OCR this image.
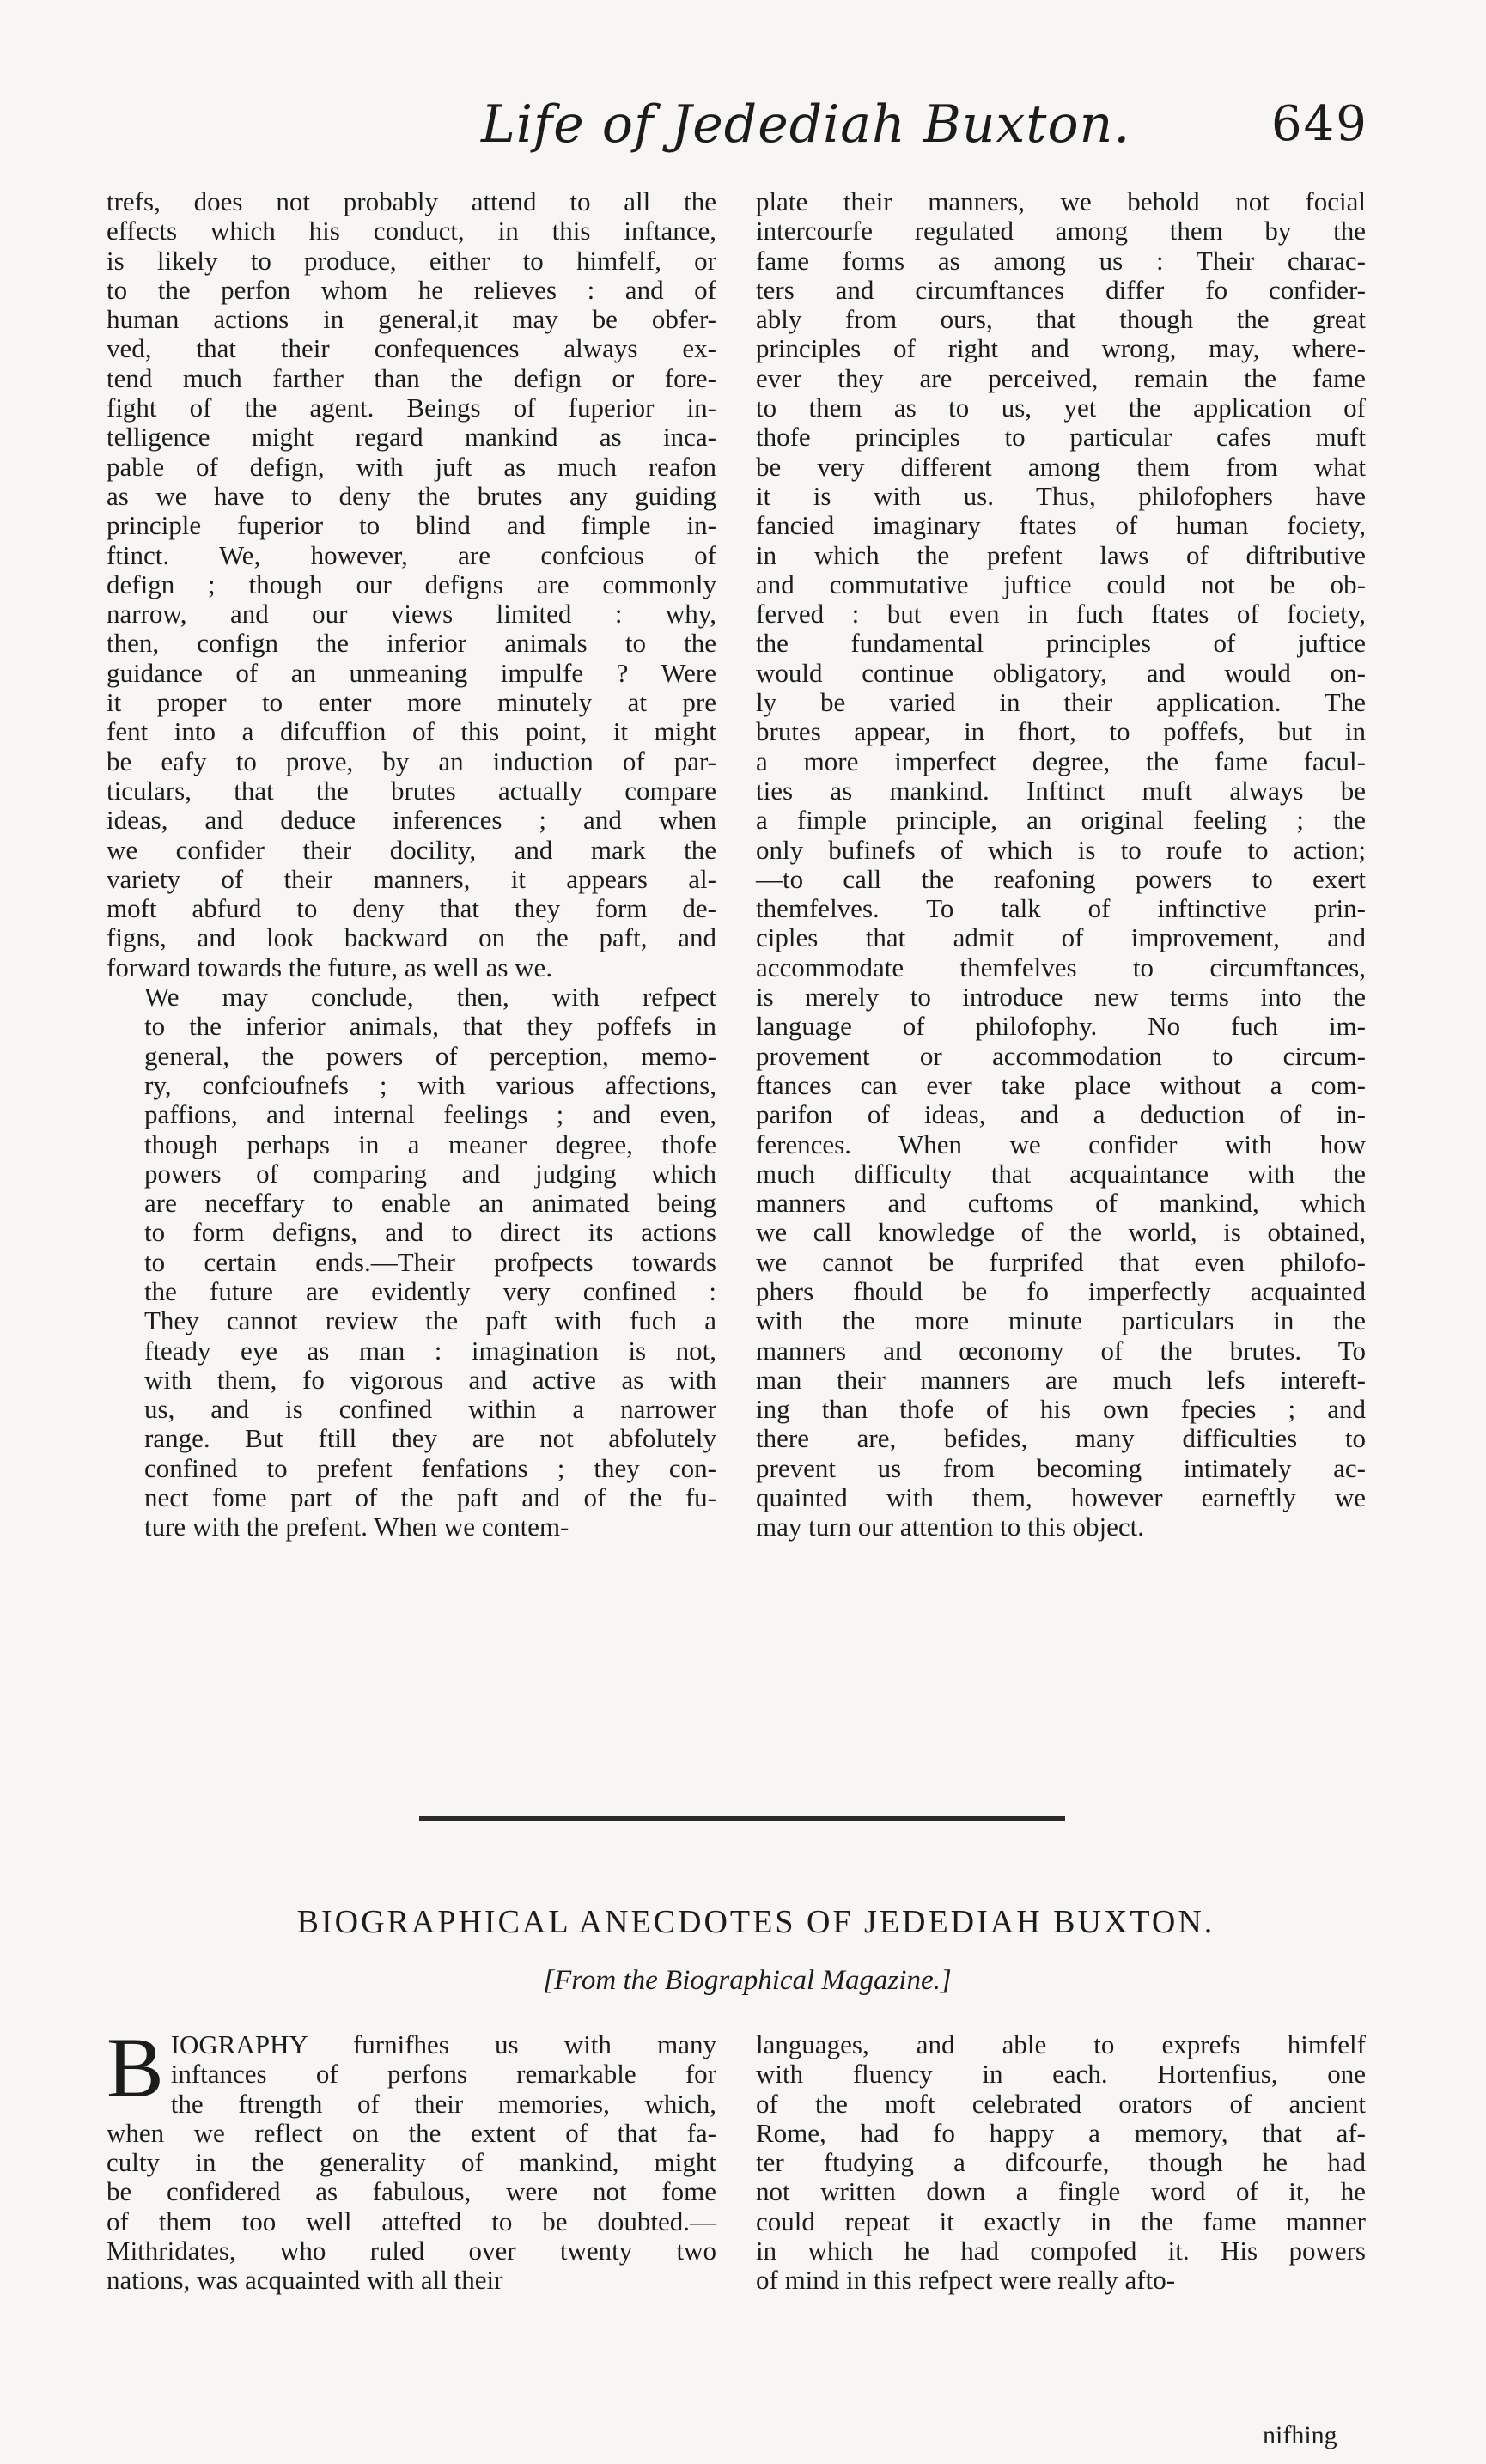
Life of Jedediah Buxton.	649

trefs, does not probably attend to all the
effects which his conduct, in this inftance,
is likely to produce, either to himfelf, or
to the perfon whom he relieves : and of
human actions in general,it may be obfer-
ved, that their confequences always ex-
tend much farther than the defign or fore-
fight of the agent. Beings of fuperior in-
telligence might regard mankind as inca-
pable of defign, with juft as much reafon
as we have to deny the brutes any guiding
principle fuperior to blind and fimple in-
ftinct. We, however, are confcious of
defign ; though our defigns are commonly
narrow, and our views limited : why,
then, confign the inferior animals to the
guidance of an unmeaning impulfe ? Were
it proper to enter more minutely at pre
fent into a difcuffion of this point, it might
be eafy to prove, by an induction of par-
ticulars, that the brutes actually compare
ideas, and deduce inferences ; and when
we confider their docility, and mark the
variety of their manners, it appears al-
moft abfurd to deny that they form de-
figns, and look backward on the paft, and
forward towards the future, as well as we.

We may conclude, then, with refpect
to the inferior animals, that they poffefs in
general, the powers of perception, memo-
ry, confcioufnefs ; with various affections,
paffions, and internal feelings ; and even,
though perhaps in a meaner degree, thofe
powers of comparing and judging which
are neceffary to enable an animated being
to form defigns, and to direct its actions
to certain ends.—Their profpects towards
the future are evidently very confined :
They cannot review the paft with fuch a
fteady eye as man : imagination is not,
with them, fo vigorous and active as with
us, and is confined within a narrower
range. But ftill they are not abfolutely
confined to prefent fenfations ; they con-
nect fome part of the paft and of the fu-
ture with the prefent. When we contem-

plate their manners, we behold not focial
intercourfe regulated among them by the
fame forms as among us : Their charac-
ters and circumftances differ fo confider-
ably from ours, that though the great
principles of right and wrong, may, where-
ever they are perceived, remain the fame
to them as to us, yet the application of
thofe principles to particular cafes muft
be very different among them from what
it is with us. Thus, philofophers have
fancied imaginary ftates of human fociety,
in which the prefent laws of diftributive
and commutative juftice could not be ob-
ferved : but even in fuch ftates of fociety,
the fundamental principles of juftice
would continue obligatory, and would on-
ly be varied in their application. The
brutes appear, in fhort, to poffefs, but in
a more imperfect degree, the fame facul-
ties as mankind. Inftinct muft always be
a fimple principle, an original feeling ; the
only bufinefs of which is to roufe to action;
—to call the reafoning powers to exert
themfelves. To talk of inftinctive prin-
ciples that admit of improvement, and
accommodate themfelves to circumftances,
is merely to introduce new terms into the
language of philofophy. No fuch im-
provement or accommodation to circum-
ftances can ever take place without a com-
parifon of ideas, and a deduction of in-
ferences. When we confider with how
much difficulty that acquaintance with the
manners and cuftoms of mankind, which
we call knowledge of the world, is obtained,
we cannot be furprifed that even philofo-
phers fhould be fo imperfectly acquainted
with the more minute particulars in the
manners and œconomy of the brutes. To
man their manners are much lefs intereft-
ing than thofe of his own fpecies ; and
there are, befides, many difficulties to
prevent us from becoming intimately ac-
quainted with them, however earneftly we
may turn our attention to this object.

BIOGRAPHICAL ANECDOTES OF JEDEDIAH BUXTON.
[From the Biographical Magazine.]
B IOGRAPHY furnifhes us with many
inftances of perfons remarkable for
the ftrength of their memories, which,
when we reflect on the extent of that fa-
culty in the generality of mankind, might
be confidered as fabulous, were not fome
of them too well attefted to be doubted.—
Mithridates, who ruled over twenty two
nations, was acquainted with all their

languages, and able to exprefs himfelf
with fluency in each. Hortenfius, one
of the moft celebrated orators of ancient
Rome, had fo happy a memory, that af-
ter ftudying a difcourfe, though he had
not written down a fingle word of it, he
could repeat it exactly in the fame manner
in which he had compofed it. His powers
of mind in this refpect were really afto-

nifhing
